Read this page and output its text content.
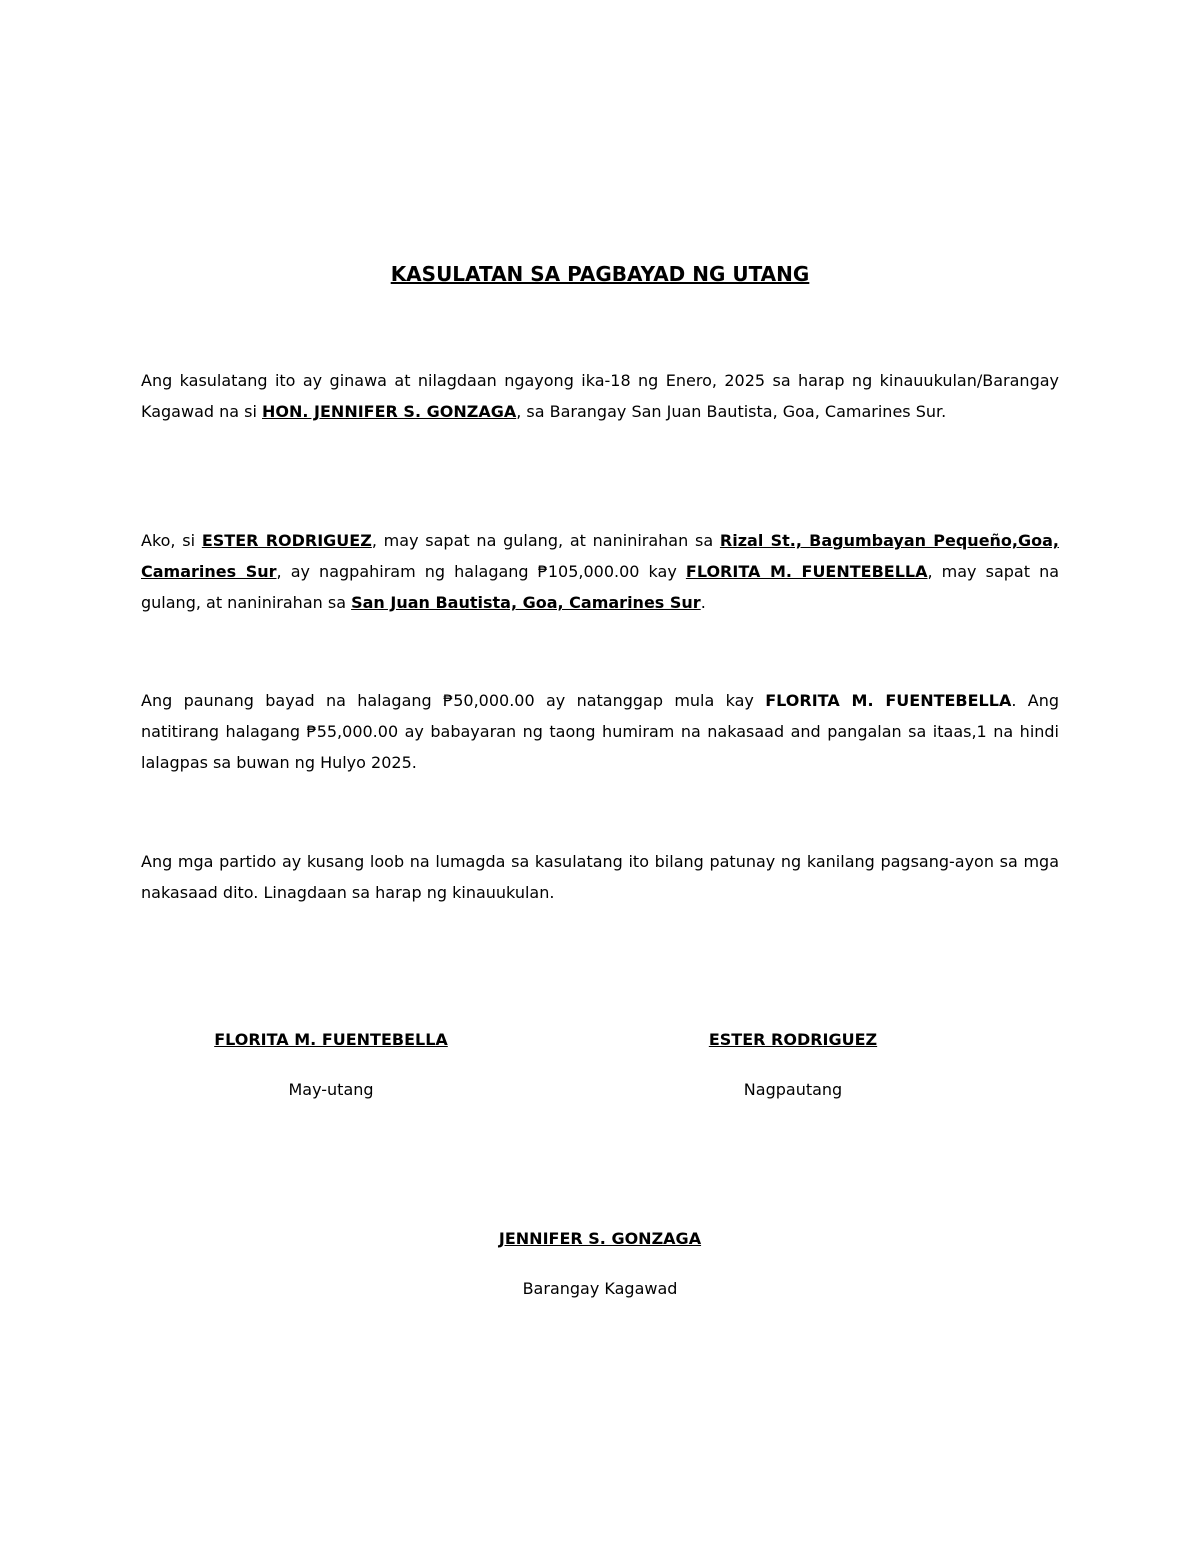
KASULATAN SA PAGBAYAD NG UTANG

Ang kasulatang ito ay ginawa at nilagdaan ngayong ika-18 ng Enero, 2025 sa harap ng kinauukulan/Barangay Kagawad na si HON. JENNIFER S. GONZAGA, sa Barangay San Juan Bautista, Goa, Camarines Sur.

Ako, si ESTER RODRIGUEZ, may sapat na gulang, at naninirahan sa Rizal St., Bagumbayan Pequeño,Goa, Camarines Sur, ay nagpahiram ng halagang ₱105,000.00 kay FLORITA M. FUENTEBELLA, may sapat na gulang, at naninirahan sa San Juan Bautista, Goa, Camarines Sur.

Ang paunang bayad na halagang ₱50,000.00 ay natanggap mula kay FLORITA M. FUENTEBELLA. Ang natitirang halagang ₱55,000.00 ay babayaran ng taong humiram na nakasaad and pangalan sa itaas,1 na hindi lalagpas sa buwan ng Hulyo 2025.

Ang mga partido ay kusang loob na lumagda sa kasulatang ito bilang patunay ng kanilang pagsang-ayon sa mga nakasaad dito. Linagdaan sa harap ng kinauukulan.

FLORITA M. FUENTEBELLA
May-utang
ESTER RODRIGUEZ
Nagpautang
JENNIFER S. GONZAGA
Barangay Kagawad
